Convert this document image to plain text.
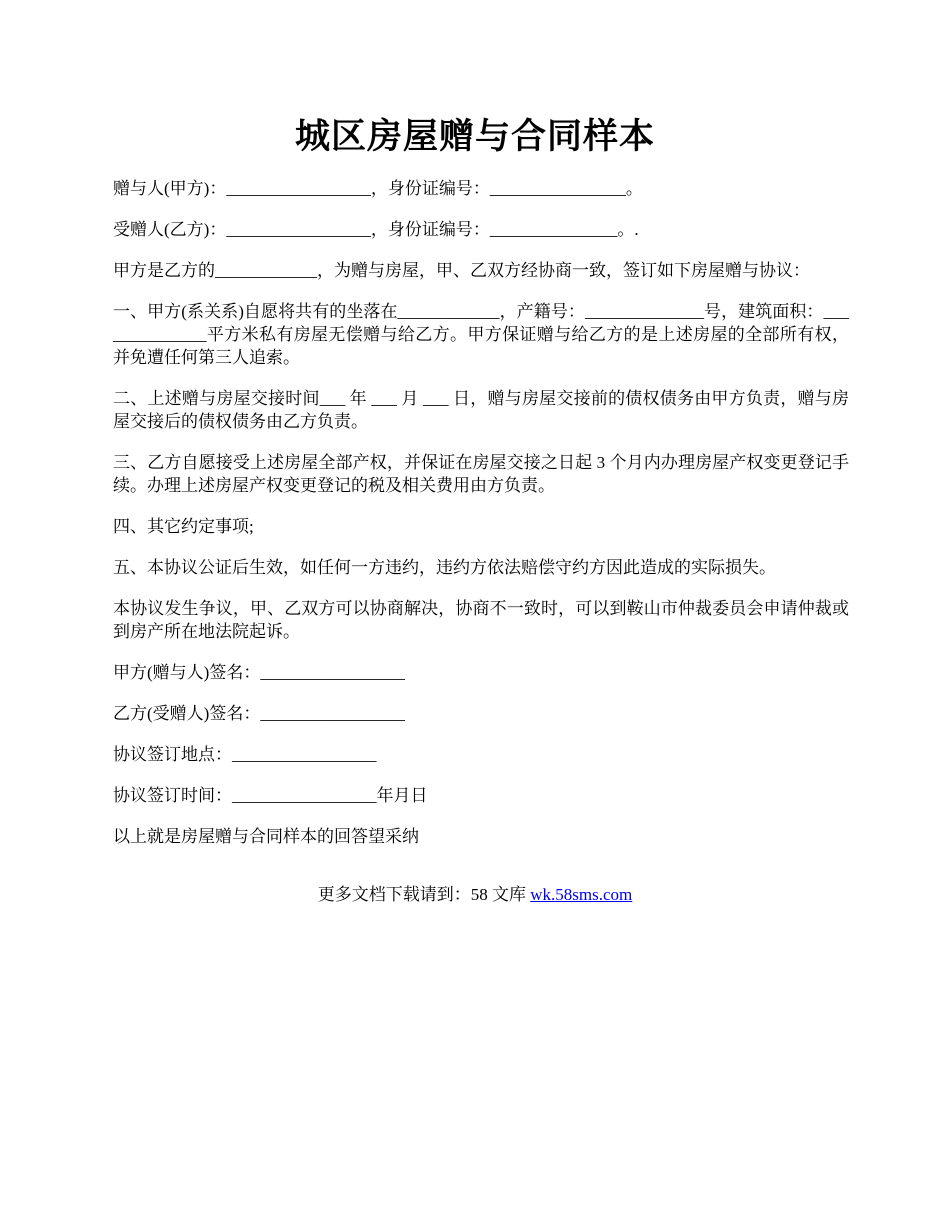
城区房屋赠与合同样本

赠与人(甲方)：_________________，身份证编号：________________。

受赠人(乙方)：_________________，身份证编号：_______________。.

甲方是乙方的____________，为赠与房屋，甲、乙双方经协商一致，签订如下房屋赠与协议：

一、甲方(系关系)自愿将共有的坐落在____________，产籍号：______________号，建筑面积：______________平方米私有房屋无偿赠与给乙方。甲方保证赠与给乙方的是上述房屋的全部所有权，并免遭任何第三人追索。

二、上述赠与房屋交接时间___ 年 ___ 月 ___ 日，赠与房屋交接前的债权债务由甲方负责，赠与房屋交接后的债权债务由乙方负责。

三、乙方自愿接受上述房屋全部产权，并保证在房屋交接之日起 3 个月内办理房屋产权变更登记手续。办理上述房屋产权变更登记的税及相关费用由方负责。

四、其它约定事项;

五、本协议公证后生效，如任何一方违约，违约方依法赔偿守约方因此造成的实际损失。

本协议发生争议，甲、乙双方可以协商解决，协商不一致时，可以到鞍山市仲裁委员会申请仲裁或到房产所在地法院起诉。

甲方(赠与人)签名：_________________

乙方(受赠人)签名：_________________

协议签订地点：_________________

协议签订时间：_________________年月日

以上就是房屋赠与合同样本的回答望采纳

更多文档下载请到：58 文库 wk.58sms.com
